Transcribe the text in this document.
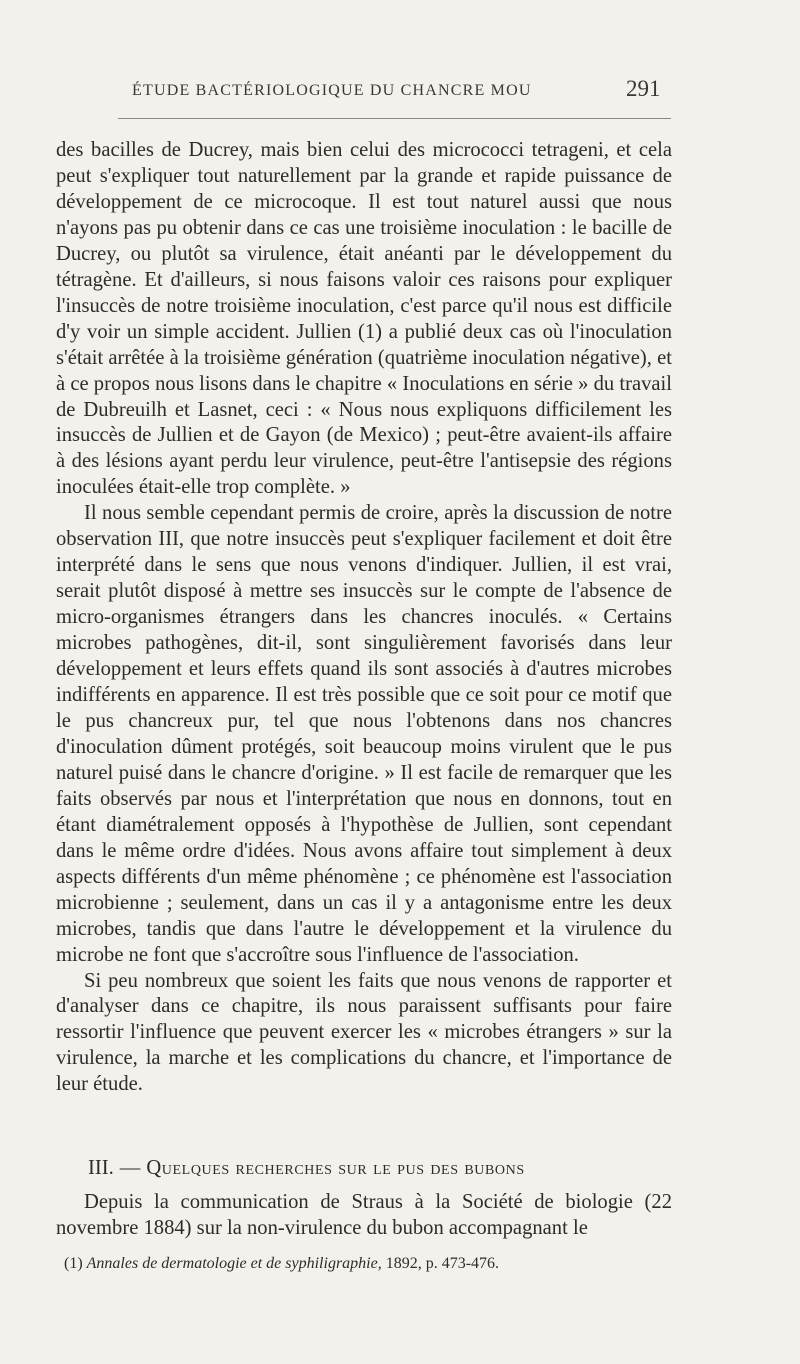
ÉTUDE BACTÉRIOLOGIQUE DU CHANCRE MOU	291

des bacilles de Ducrey, mais bien celui des micrococci tetrageni, et cela peut s'expliquer tout naturellement par la grande et rapide puissance de développement de ce microcoque. Il est tout naturel aussi que nous n'ayons pas pu obtenir dans ce cas une troisième inoculation : le bacille de Ducrey, ou plutôt sa virulence, était anéanti par le développement du tétragène. Et d'ailleurs, si nous faisons valoir ces raisons pour expliquer l'insuccès de notre troisième inoculation, c'est parce qu'il nous est difficile d'y voir un simple accident. Jullien (1) a publié deux cas où l'inoculation s'était arrêtée à la troisième génération (quatrième inoculation négative), et à ce propos nous lisons dans le chapitre « Inoculations en série » du travail de Dubreuilh et Lasnet, ceci : « Nous nous expliquons difficilement les insuccès de Jullien et de Gayon (de Mexico) ; peut-être avaient-ils affaire à des lésions ayant perdu leur virulence, peut-être l'antisepsie des régions inoculées était-elle trop complète. »

Il nous semble cependant permis de croire, après la discussion de notre observation III, que notre insuccès peut s'expliquer facilement et doit être interprété dans le sens que nous venons d'indiquer. Jullien, il est vrai, serait plutôt disposé à mettre ses insuccès sur le compte de l'absence de micro-organismes étrangers dans les chancres inoculés. « Certains microbes pathogènes, dit-il, sont singulièrement favorisés dans leur développement et leurs effets quand ils sont associés à d'autres microbes indifférents en apparence. Il est très possible que ce soit pour ce motif que le pus chancreux pur, tel que nous l'obtenons dans nos chancres d'inoculation dûment protégés, soit beaucoup moins virulent que le pus naturel puisé dans le chancre d'origine. » Il est facile de remarquer que les faits observés par nous et l'interprétation que nous en donnons, tout en étant diamétralement opposés à l'hypothèse de Jullien, sont cependant dans le même ordre d'idées. Nous avons affaire tout simplement à deux aspects différents d'un même phénomène ; ce phénomène est l'association microbienne ; seulement, dans un cas il y a antagonisme entre les deux microbes, tandis que dans l'autre le développement et la virulence du microbe ne font que s'accroître sous l'influence de l'association.

Si peu nombreux que soient les faits que nous venons de rapporter et d'analyser dans ce chapitre, ils nous paraissent suffisants pour faire ressortir l'influence que peuvent exercer les « microbes étrangers » sur la virulence, la marche et les complications du chancre, et l'importance de leur étude.

III. — Quelques recherches sur le pus des bubons

Depuis la communication de Straus à la Société de biologie (22 novembre 1884) sur la non-virulence du bubon accompagnant le

(1) Annales de dermatologie et de syphiligraphie, 1892, p. 473-476.
